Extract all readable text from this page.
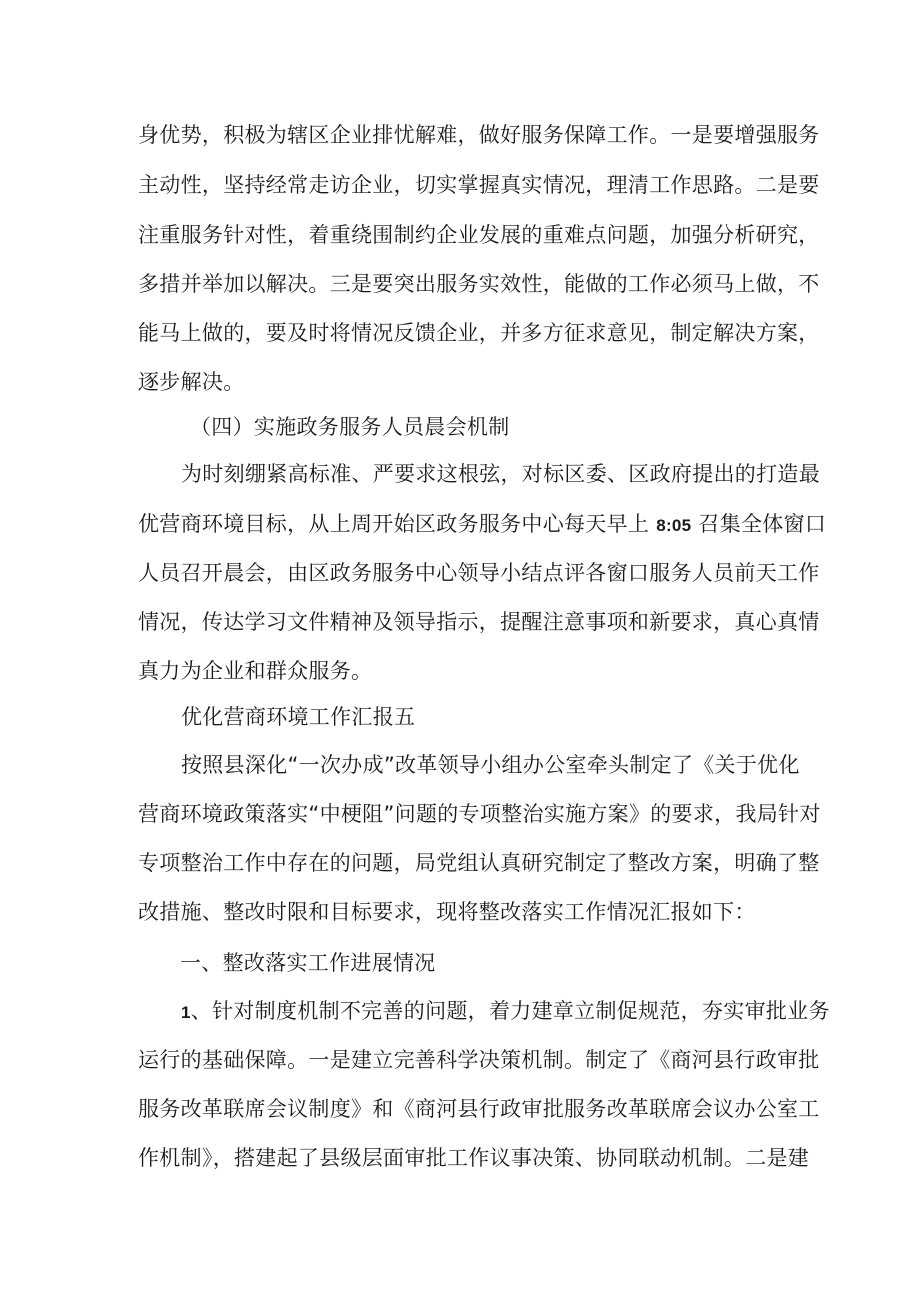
身优势，积极为辖区企业排忧解难，做好服务保障工作。一是要增强服务
主动性，坚持经常走访企业，切实掌握真实情况，理清工作思路。二是要
注重服务针对性，着重绕围制约企业发展的重难点问题，加强分析研究，
多措并举加以解决。三是要突出服务实效性，能做的工作必须马上做，不
能马上做的，要及时将情况反馈企业，并多方征求意见，制定解决方案，
逐步解决。
（四）实施政务服务人员晨会机制
为时刻绷紧高标准、严要求这根弦，对标区委、区政府提出的打造最
优营商环境目标，从上周开始区政务服务中心每天早上 8:05 召集全体窗口
人员召开晨会，由区政务服务中心领导小结点评各窗口服务人员前天工作
情况，传达学习文件精神及领导指示，提醒注意事项和新要求，真心真情
真力为企业和群众服务。
优化营商环境工作汇报五
按照县深化“一次办成”改革领导小组办公室牵头制定了《关于优化
营商环境政策落实“中梗阻”问题的专项整治实施方案》的要求，我局针对
专项整治工作中存在的问题，局党组认真研究制定了整改方案，明确了整
改措施、整改时限和目标要求，现将整改落实工作情况汇报如下：
一、整改落实工作进展情况
1、针对制度机制不完善的问题，着力建章立制促规范，夯实审批业务
运行的基础保障。一是建立完善科学决策机制。制定了《商河县行政审批
服务改革联席会议制度》和《商河县行政审批服务改革联席会议办公室工
作机制》，搭建起了县级层面审批工作议事决策、协同联动机制。二是建
